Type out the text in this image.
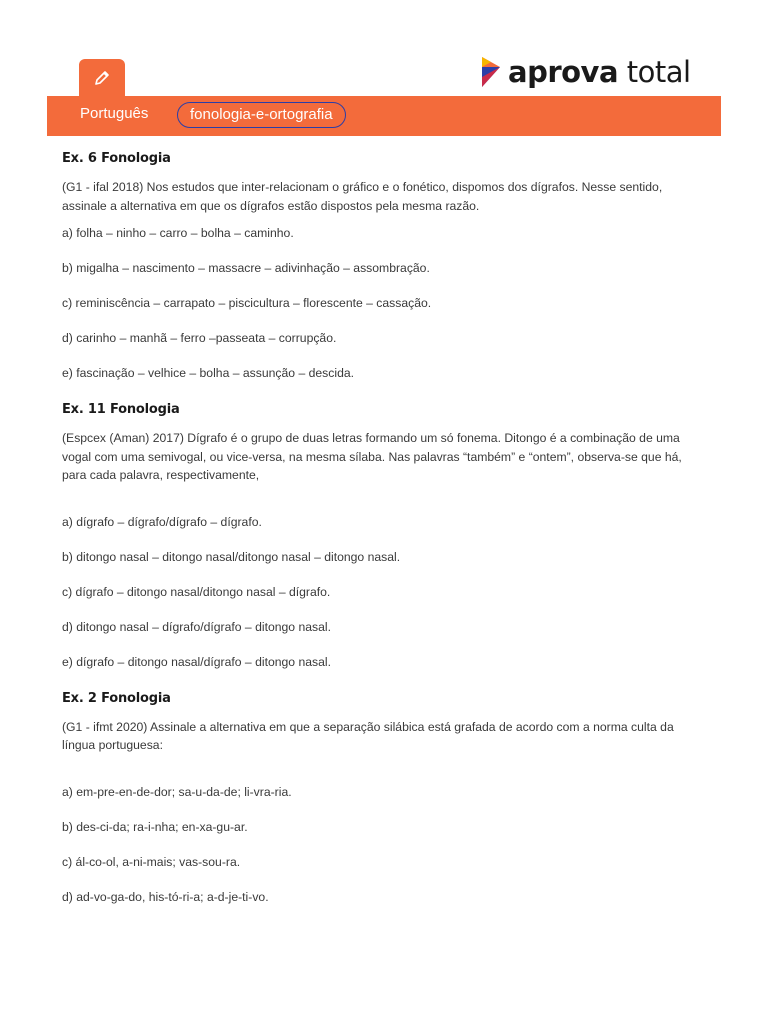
aprova total
Português	fonologia-e-ortografia
Ex. 6 Fonologia

(G1 - ifal 2018) Nos estudos que inter-relacionam o gráfico e o fonético, dispomos dos dígrafos. Nesse sentido, assinale a alternativa em que os dígrafos estão dispostos pela mesma razão.

a) folha – ninho – carro – bolha – caminho.

b) migalha – nascimento – massacre – adivinhação – assombração.

c) reminiscência – carrapato – piscicultura – florescente – cassação.

d) carinho – manhã – ferro –passeata – corrupção.

e) fascinação – velhice – bolha – assunção – descida.

Ex. 11 Fonologia

(Espcex (Aman) 2017) Dígrafo é o grupo de duas letras formando um só fonema. Ditongo é a combinação de uma vogal com uma semivogal, ou vice-versa, na mesma sílaba. Nas palavras “também” e “ontem”, observa-se que há, para cada palavra, respectivamente,

a) dígrafo – dígrafo/dígrafo – dígrafo.

b) ditongo nasal – ditongo nasal/ditongo nasal – ditongo nasal.

c) dígrafo – ditongo nasal/ditongo nasal – dígrafo.

d) ditongo nasal – dígrafo/dígrafo – ditongo nasal.

e) dígrafo – ditongo nasal/dígrafo – ditongo nasal.

Ex. 2 Fonologia

(G1 - ifmt 2020) Assinale a alternativa em que a separação silábica está grafada de acordo com a norma culta da língua portuguesa:

a) em-pre-en-de-dor; sa-u-da-de; li-vra-ria.

b) des-ci-da; ra-i-nha; en-xa-gu-ar.

c) ál-co-ol, a-ni-mais; vas-sou-ra.

d) ad-vo-ga-do, his-tó-ri-a; a-d-je-ti-vo.
